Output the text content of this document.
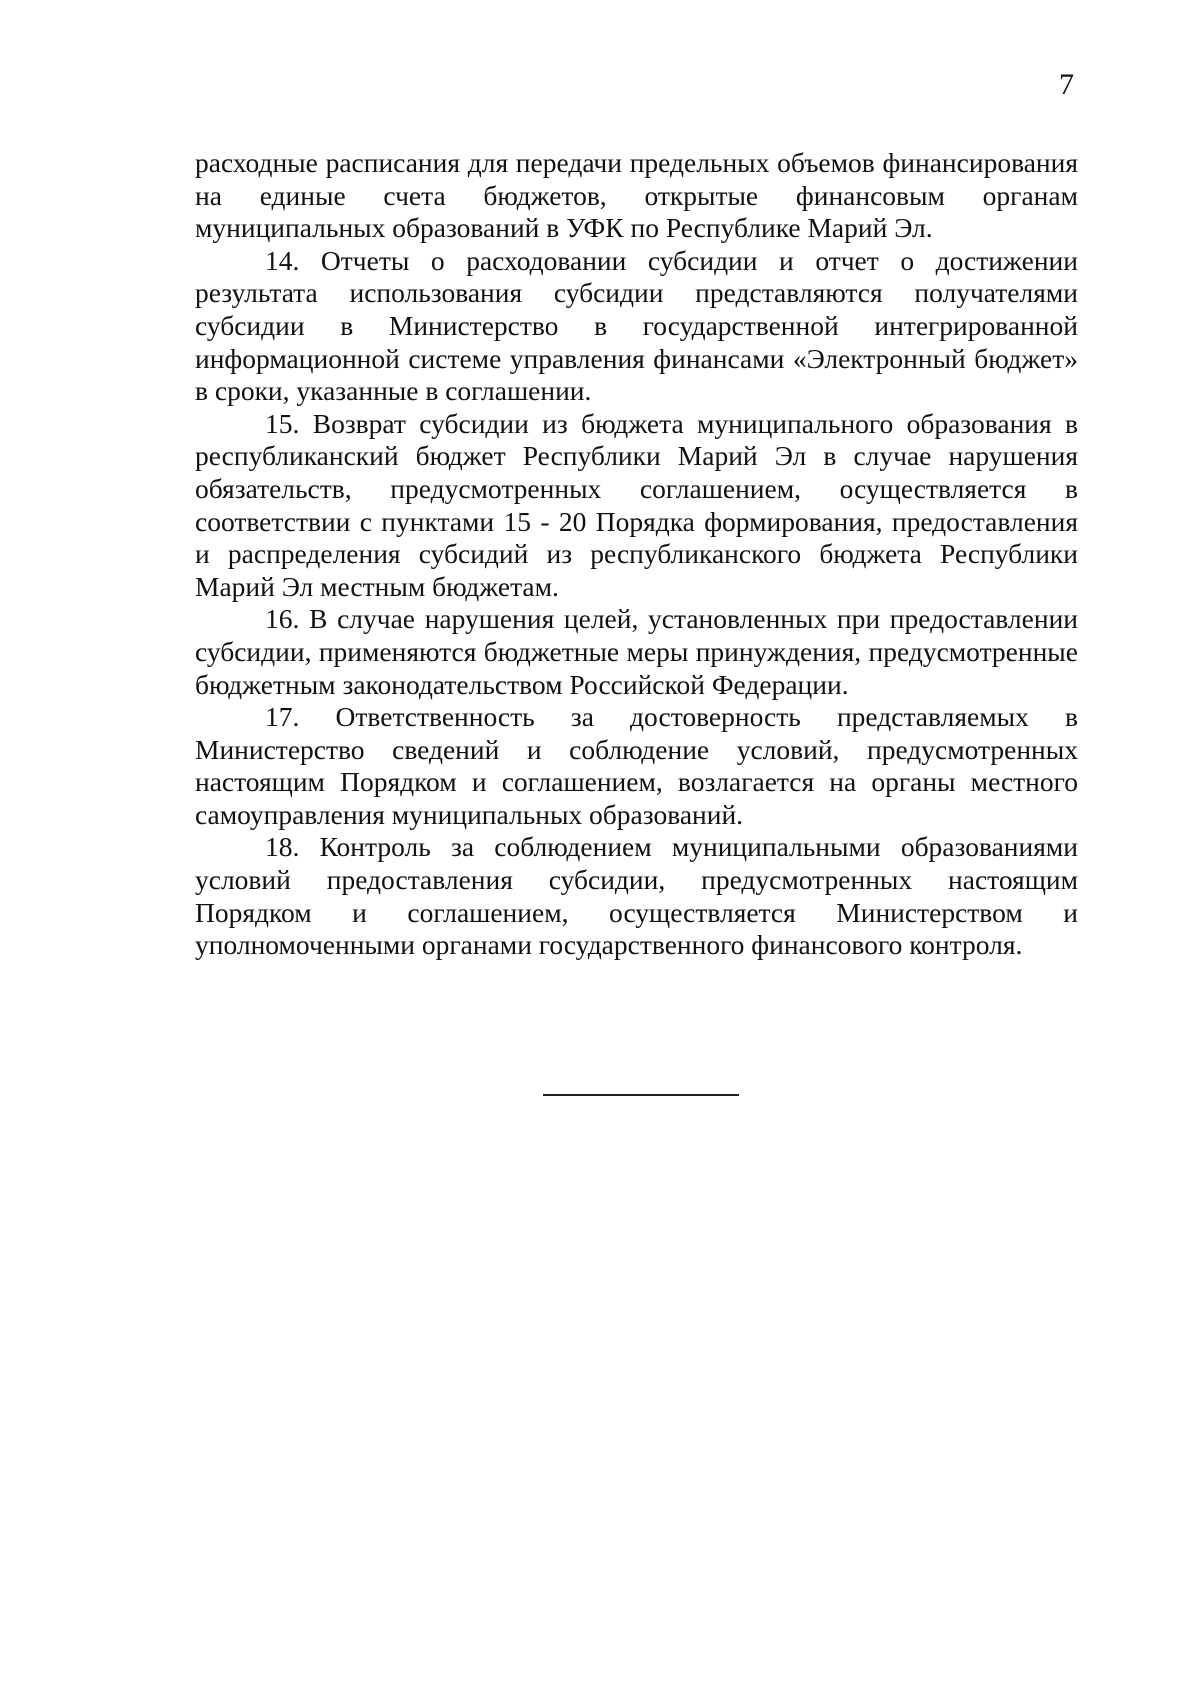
7

расходные расписания для передачи предельных объемов финансирования на единые счета бюджетов, открытые финансовым органам муниципальных образований в УФК по Республике Марий Эл.

14. Отчеты о расходовании субсидии и отчет о достижении результата использования субсидии представляются получателями субсидии в Министерство в государственной интегрированной информационной системе управления финансами «Электронный бюджет» в сроки, указанные в соглашении.

15. Возврат субсидии из бюджета муниципального образования в республиканский бюджет Республики Марий Эл в случае нарушения обязательств, предусмотренных соглашением, осуществляется в соответствии с пунктами 15 - 20 Порядка формирования, предоставления и распределения субсидий из республиканского бюджета Республики Марий Эл местным бюджетам.

16. В случае нарушения целей, установленных при предоставлении субсидии, применяются бюджетные меры принуждения, предусмотренные бюджетным законодательством Российской Федерации.

17. Ответственность за достоверность представляемых в Министерство сведений и соблюдение условий, предусмотренных настоящим Порядком и соглашением, возлагается на органы местного самоуправления муниципальных образований.

18. Контроль за соблюдением муниципальными образованиями условий предоставления субсидии, предусмотренных настоящим Порядком и соглашением, осуществляется Министерством и уполномоченными органами государственного финансового контроля.
